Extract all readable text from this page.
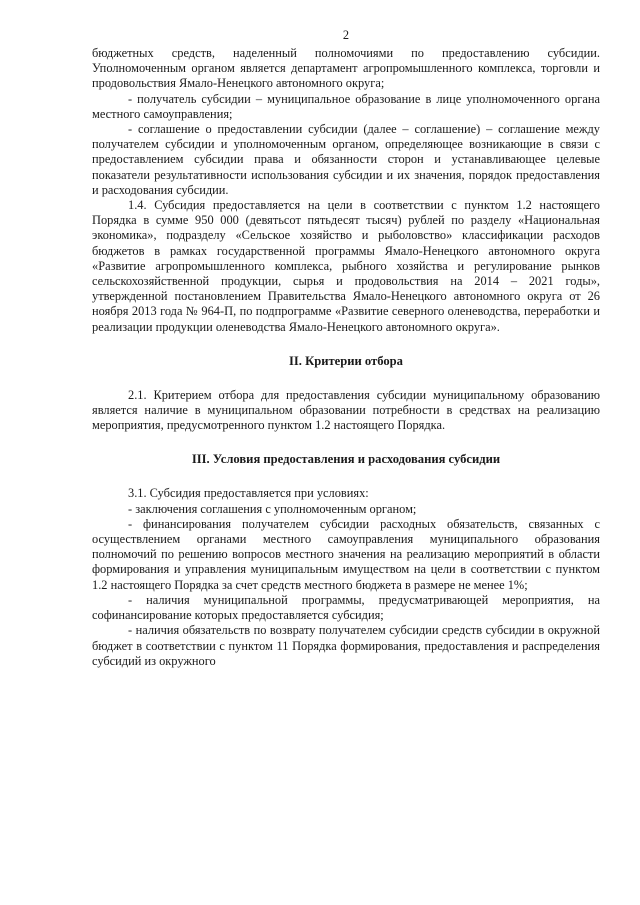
2

бюджетных средств, наделенный полномочиями по предоставлению субсидии. Уполномоченным органом является департамент агропромышленного комплекса, торговли и продовольствия Ямало-Ненецкого автономного округа;

- получатель субсидии – муниципальное образование в лице уполномоченного органа местного самоуправления;

- соглашение о предоставлении субсидии (далее – соглашение) – соглашение между получателем субсидии и уполномоченным органом, определяющее возникающие в связи с предоставлением субсидии права и обязанности сторон и устанавливающее целевые показатели результативности использования субсидии и их значения, порядок предоставления и расходования субсидии.

1.4. Субсидия предоставляется на цели в соответствии с пунктом 1.2 настоящего Порядка в сумме 950 000 (девятьсот пятьдесят тысяч) рублей по разделу «Национальная экономика», подразделу «Сельское хозяйство и рыболовство» классификации расходов бюджетов в рамках государственной программы Ямало-Ненецкого автономного округа «Развитие агропромышленного комплекса, рыбного хозяйства и регулирование рынков сельскохозяйственной продукции, сырья и продовольствия на 2014 – 2021 годы», утвержденной постановлением Правительства Ямало-Ненецкого автономного округа от 26 ноября 2013 года № 964-П, по подпрограмме «Развитие северного оленеводства, переработки и реализации продукции оленеводства Ямало-Ненецкого автономного округа».

II. Критерии отбора

2.1. Критерием отбора для предоставления субсидии муниципальному образованию является наличие в муниципальном образовании потребности в средствах на реализацию мероприятия, предусмотренного пунктом 1.2 настоящего Порядка.

III. Условия предоставления и расходования субсидии

3.1. Субсидия предоставляется при условиях:

- заключения соглашения с уполномоченным органом;

- финансирования получателем субсидии расходных обязательств, связанных с осуществлением органами местного самоуправления муниципального образования полномочий по решению вопросов местного значения на реализацию мероприятий в области формирования и управления муниципальным имуществом на цели в соответствии с пунктом 1.2 настоящего Порядка за счет средств местного бюджета в размере не менее 1%;

- наличия муниципальной программы, предусматривающей мероприятия, на софинансирование которых предоставляется субсидия;

- наличия обязательств по возврату получателем субсидии средств субсидии в окружной бюджет в соответствии с пунктом 11 Порядка формирования, предоставления и распределения субсидий из окружного
